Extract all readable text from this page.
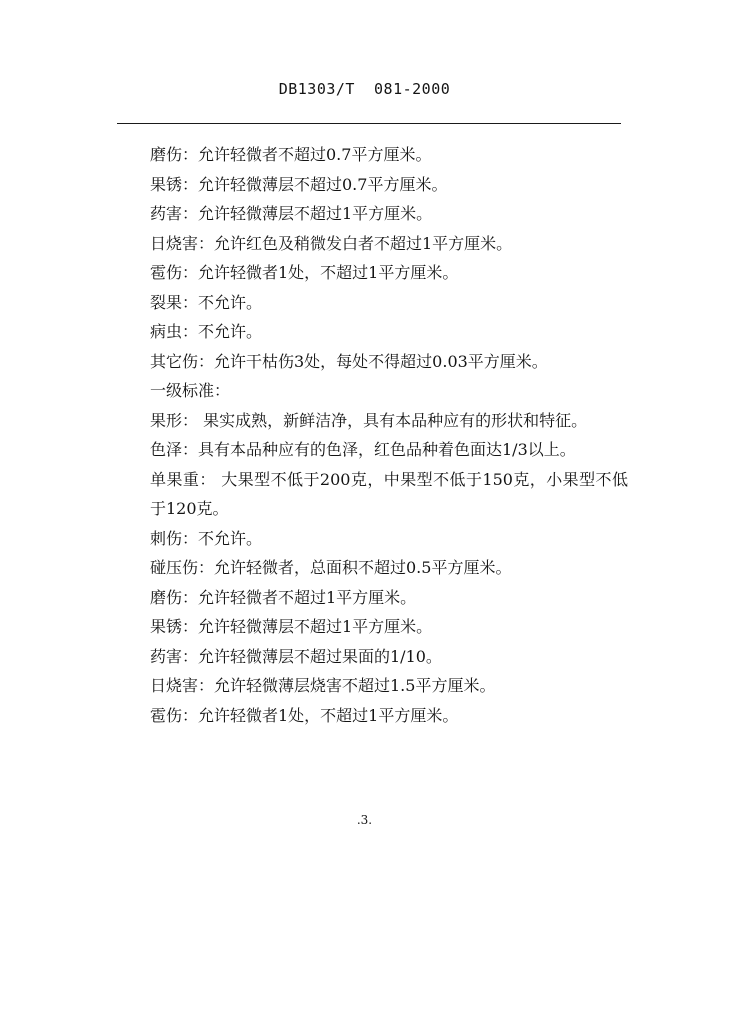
DB1303/T  081-2000
磨伤：允许轻微者不超过0.7平方厘米。
果锈：允许轻微薄层不超过0.7平方厘米。
药害：允许轻微薄层不超过1平方厘米。
日烧害：允许红色及稍微发白者不超过1平方厘米。
雹伤：允许轻微者1处，不超过1平方厘米。
裂果：不允许。
病虫：不允许。
其它伤：允许干枯伤3处，每处不得超过0.03平方厘米。
一级标准：
果形： 果实成熟，新鲜洁净，具有本品种应有的形状和特征。
色泽：具有本品种应有的色泽，红色品种着色面达1/3以上。
单果重： 大果型不低于200克，中果型不低于150克，小果型不低于120克。
刺伤：不允许。
碰压伤：允许轻微者，总面积不超过0.5平方厘米。
磨伤：允许轻微者不超过1平方厘米。
果锈：允许轻微薄层不超过1平方厘米。
药害：允许轻微薄层不超过果面的1/10。
日烧害：允许轻微薄层烧害不超过1.5平方厘米。
雹伤：允许轻微者1处，不超过1平方厘米。
.3.
